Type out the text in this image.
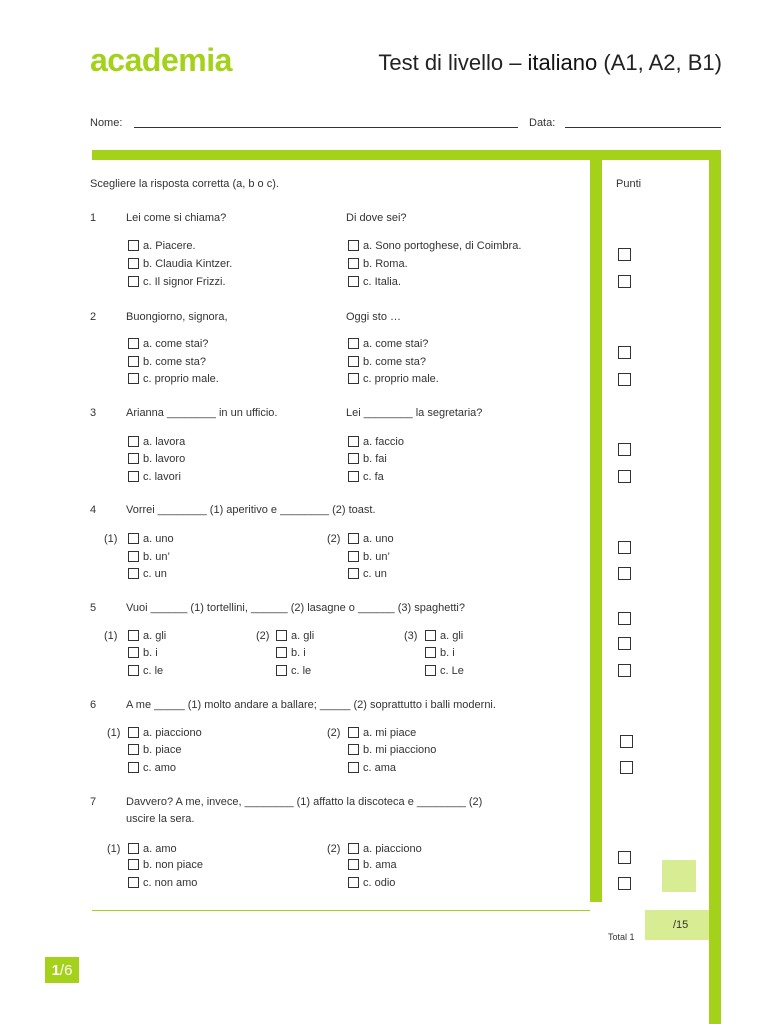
academia	Test di livello – italiano (A1, A2, B1)
Nome:	Data:
Scegliere la risposta corretta (a, b o c).	Punti
1	Lei come si chiama?	Di dove sei?
a. Piacere.
b. Claudia Kintzer.
c. Il signor Frizzi.
a. Sono portoghese, di Coimbra.
b. Roma.
c. Italia.
2	Buongiorno, signora,	Oggi sto …
a. come stai?
b. come sta?
c. proprio male.
a. come stai?
b. come sta?
c. proprio male.
3	Arianna ________ in un ufficio.	Lei ________ la segretaria?
a. lavora
b. lavoro
c. lavori
a. faccio
b. fai
c. fa
4	Vorrei ________ (1) aperitivo e ________ (2) toast.
(1)	(2)
a. uno
b. un’
c. un
a. uno
b. un’
c. un
5	Vuoi ______ (1) tortellini, ______ (2) lasagne o ______ (3) spaghetti?
(1)	(2)	(3)
a. gli
b. i
c. le
a. gli
b. i
c. le
a. gli
b. i
c. Le
6	A me _____ (1) molto andare a ballare; _____ (2) soprattutto i balli moderni.
(1)	(2)
a. piacciono
b. piace
c. amo
a. mi piace
b. mi piacciono
c. ama
7	Davvero? A me, invece, ________ (1) affatto la discoteca e ________ (2)
uscire la sera.
(1)	(2)
a. amo
b. non piace
c. non amo
a. piacciono
b. ama
c. odio
Total 1
/15
1 /6
